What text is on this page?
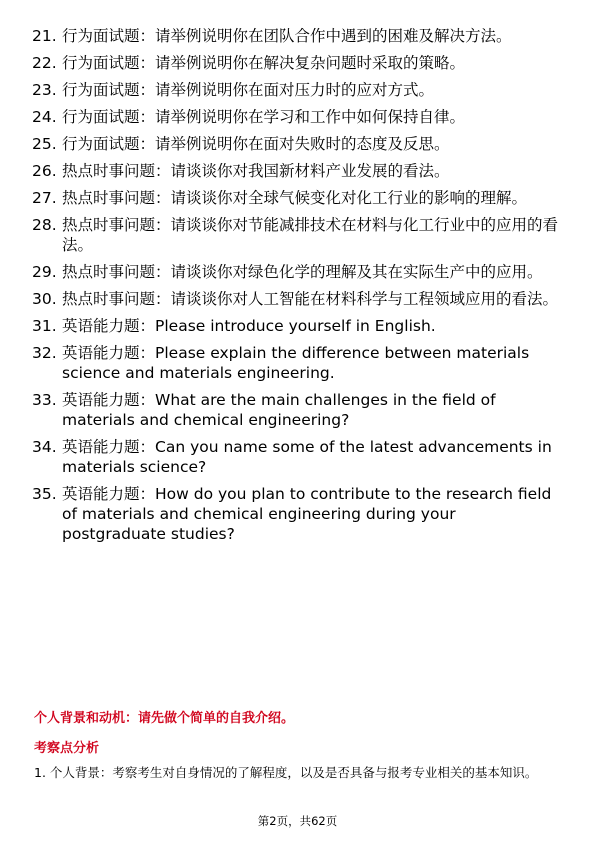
21. 行为面试题：请举例说明你在团队合作中遇到的困难及解决方法。
22. 行为面试题：请举例说明你在解决复杂问题时采取的策略。
23. 行为面试题：请举例说明你在面对压力时的应对方式。
24. 行为面试题：请举例说明你在学习和工作中如何保持自律。
25. 行为面试题：请举例说明你在面对失败时的态度及反思。
26. 热点时事问题：请谈谈你对我国新材料产业发展的看法。
27. 热点时事问题：请谈谈你对全球气候变化对化工行业的影响的理解。
28. 热点时事问题：请谈谈你对节能减排技术在材料与化工行业中的应用的看法。
29. 热点时事问题：请谈谈你对绿色化学的理解及其在实际生产中的应用。
30. 热点时事问题：请谈谈你对人工智能在材料科学与工程领域应用的看法。
31. 英语能力题：Please introduce yourself in English.
32. 英语能力题：Please explain the difference between materials science and materials engineering.
33. 英语能力题：What are the main challenges in the field of materials and chemical engineering?
34. 英语能力题：Can you name some of the latest advancements in materials science?
35. 英语能力题：How do you plan to contribute to the research field of materials and chemical engineering during your postgraduate studies?
个人背景和动机：请先做个简单的自我介绍。
考察点分析
1. 个人背景：考察考生对自身情况的了解程度，以及是否具备与报考专业相关的基本知识。
第2页，共62页
